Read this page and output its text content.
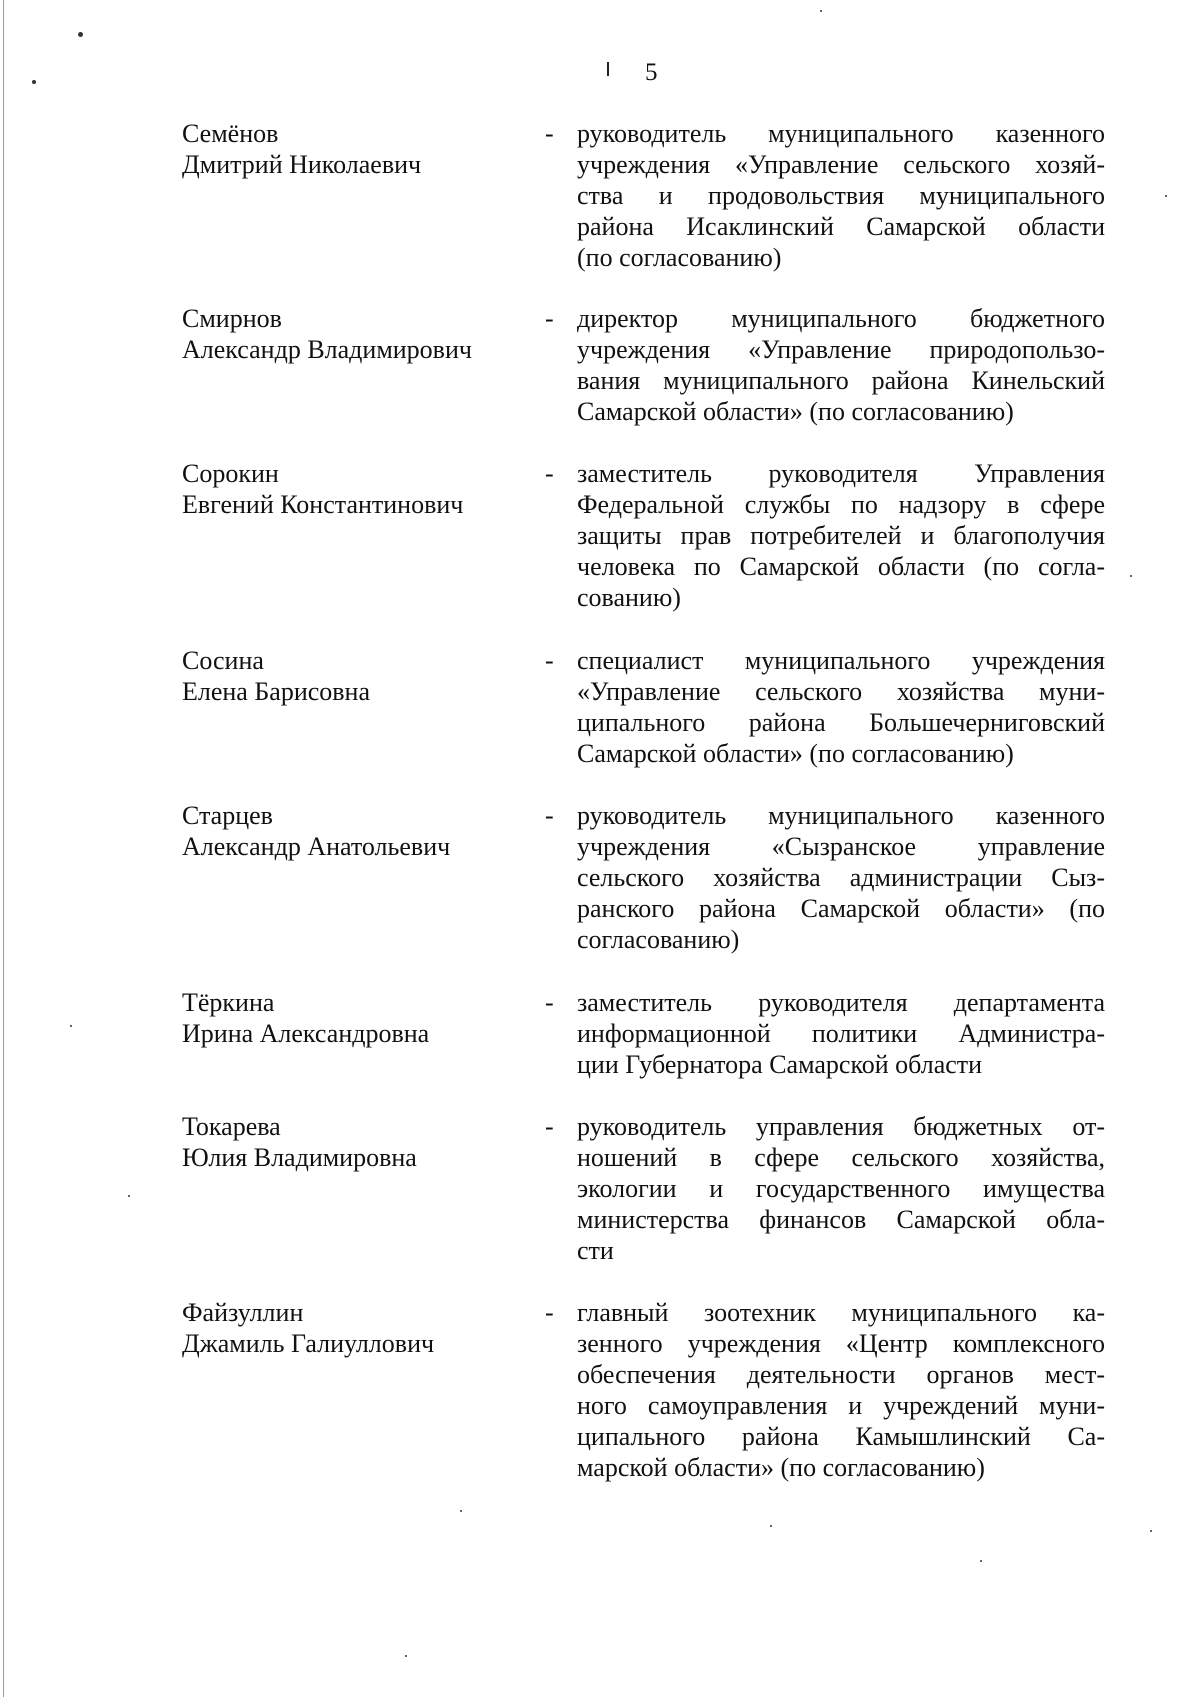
5
Семёнов
Дмитрий Николаевич
- руководитель муниципального казенного
учреждения «Управление сельского хозяй-
ства и продовольствия муниципального
района Исаклинский Самарской области
(по согласованию)
Смирнов
Александр Владимирович
- директор муниципального бюджетного
учреждения «Управление природопользо-
вания муниципального района Кинельский
Самарской области» (по согласованию)
Сорокин
Евгений Константинович
- заместитель руководителя Управления
Федеральной службы по надзору в сфере
защиты прав потребителей и благополучия
человека по Самарской области (по согла-
сованию)
Сосина
Елена Барисовна
- специалист муниципального учреждения
«Управление сельского хозяйства муни-
ципального района Большечерниговский
Самарской области» (по согласованию)
Старцев
Александр Анатольевич
- руководитель муниципального казенного
учреждения «Сызранское управление
сельского хозяйства администрации Сыз-
ранского района Самарской области» (по
согласованию)
Тёркина
Ирина Александровна
- заместитель руководителя департамента
информационной политики Администра-
ции Губернатора Самарской области
Токарева
Юлия Владимировна
- руководитель управления бюджетных от-
ношений в сфере сельского хозяйства,
экологии и государственного имущества
министерства финансов Самарской обла-
сти
Файзуллин
Джамиль Галиуллович
- главный зоотехник муниципального ка-
зенного учреждения «Центр комплексного
обеспечения деятельности органов мест-
ного самоуправления и учреждений муни-
ципального района Камышлинский Са-
марской области» (по согласованию)
